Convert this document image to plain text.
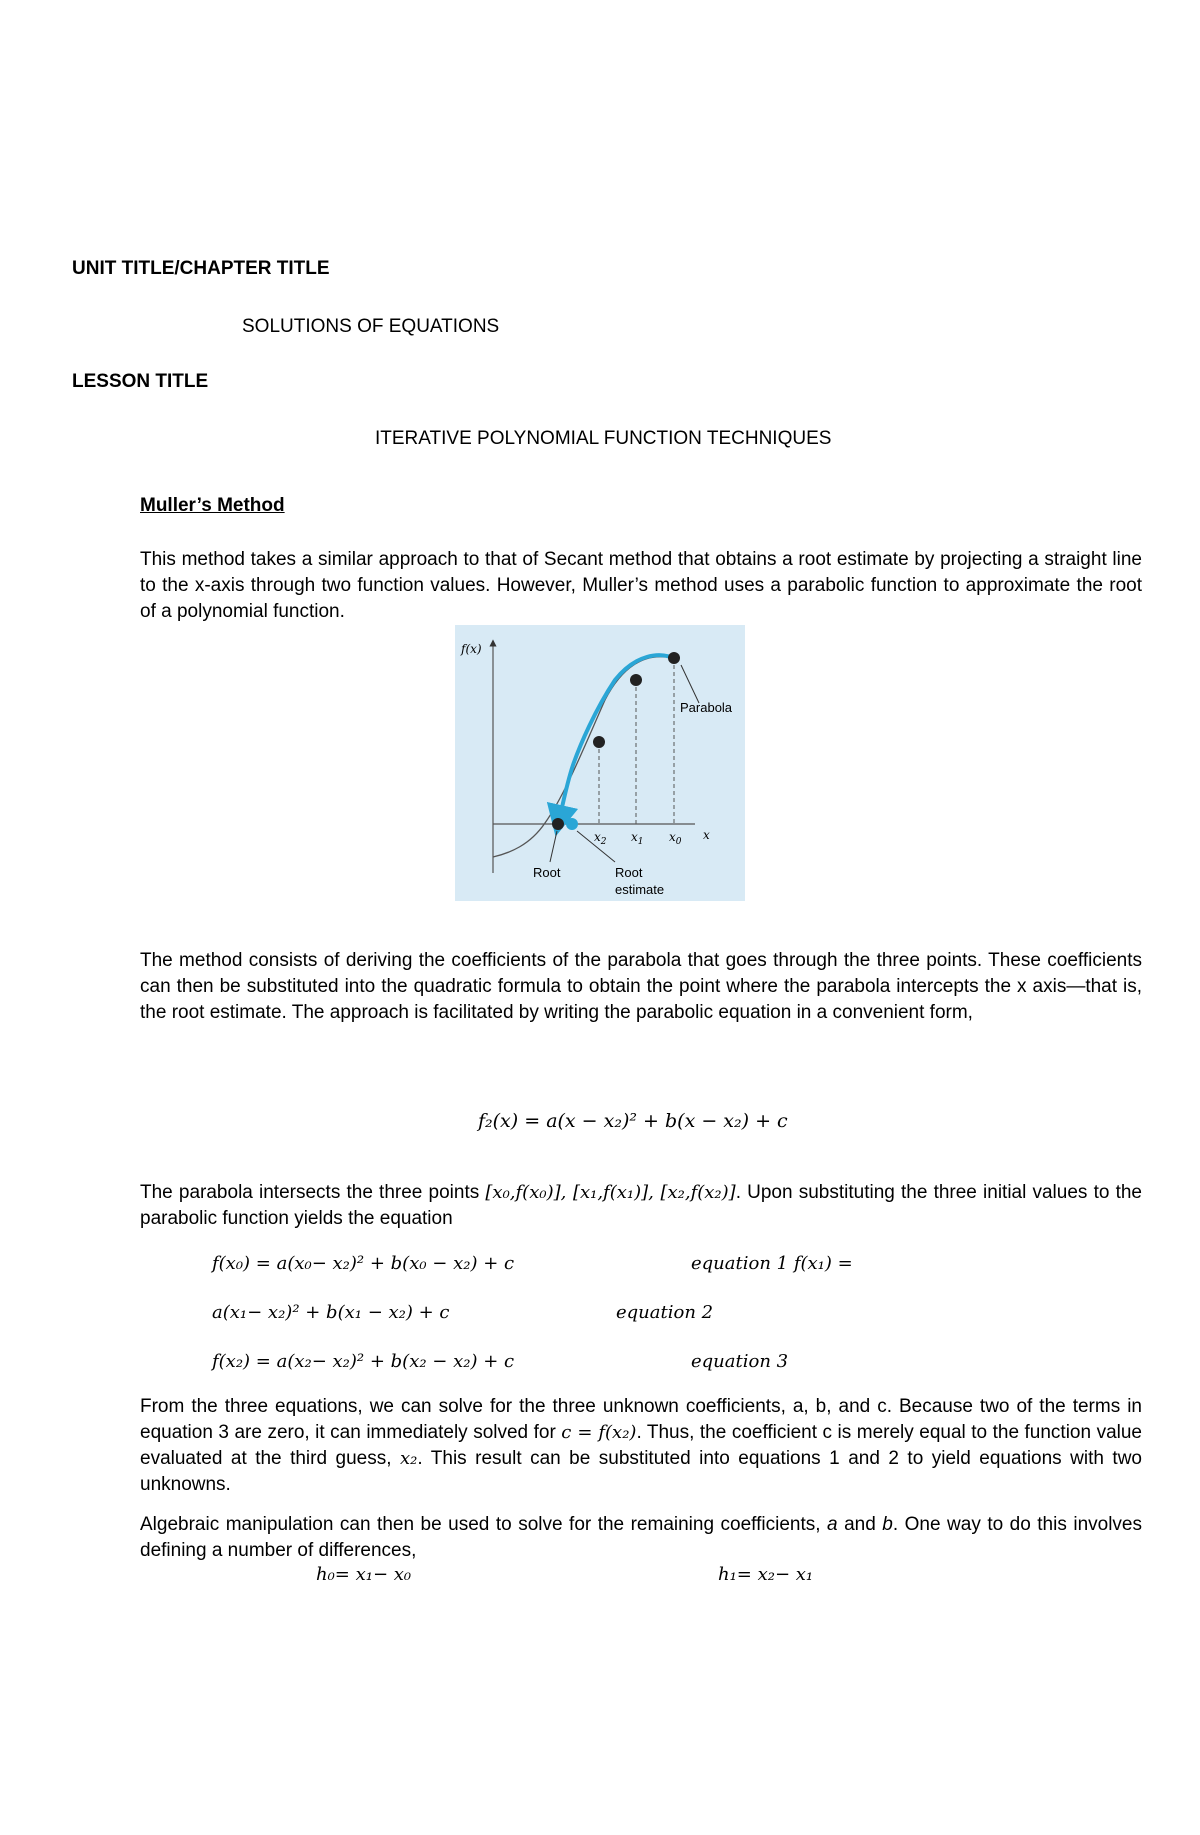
UNIT TITLE/CHAPTER TITLE
SOLUTIONS OF EQUATIONS
LESSON TITLE
ITERATIVE POLYNOMIAL FUNCTION TECHNIQUES
Muller’s Method
This method takes a similar approach to that of Secant method that obtains a root estimate by projecting a straight line to the x-axis through two function values. However, Muller’s method uses a parabolic function to approximate the root of a polynomial function.
f(x)
x
$x_2$ $x_1$ $x_0$
Parabola
Root	Root
estimate
The method consists of deriving the coefficients of the parabola that goes through the three points. These coefficients can then be substituted into the quadratic formula to obtain the point where the parabola intercepts the x axis—that is, the root estimate. The approach is facilitated by writing the parabolic equation in a convenient form,
f₂(x) = a(x − x₂)² + b(x − x₂) + c
The parabola intersects the three points [x₀,f(x₀)], [x₁,f(x₁)], [x₂,f(x₂)]. Upon substituting the three initial values to the parabolic function yields the equation
f(x₀) = a(x₀− x₂)² + b(x₀ − x₂) + c	equation 1 f(x₁) =
a(x₁− x₂)² + b(x₁ − x₂) + c	equation 2
f(x₂) = a(x₂− x₂)² + b(x₂ − x₂) + c	equation 3
From the three equations, we can solve for the three unknown coefficients, a, b, and c. Because two of the terms in equation 3 are zero, it can immediately solved for c = f(x₂). Thus, the coefficient c is merely equal to the function value evaluated at the third guess, x₂. This result can be substituted into equations 1 and 2 to yield equations with two unknowns.
Algebraic manipulation can then be used to solve for the remaining coefficients, a and b. One way to do this involves defining a number of differences,
h₀= x₁− x₀	h₁= x₂− x₁
